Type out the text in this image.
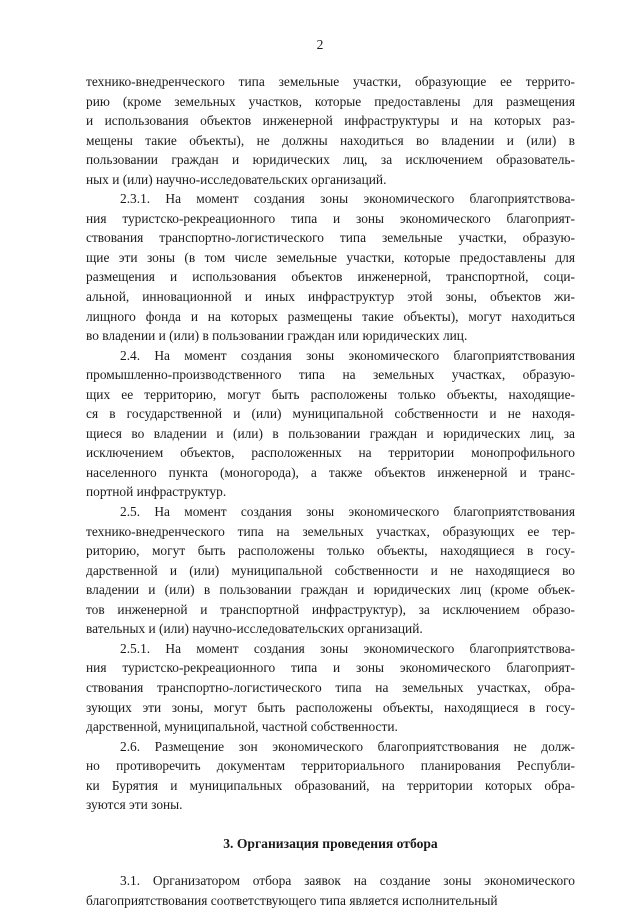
2
технико-внедренческого типа земельные участки, образующие ее террито-
рию (кроме земельных участков, которые предоставлены для размещения
и использования объектов инженерной инфраструктуры и на которых раз-
мещены такие объекты), не должны находиться во владении и (или) в
пользовании граждан и юридических лиц, за исключением образователь-
ных и (или) научно-исследовательских организаций.
2.3.1. На момент создания зоны экономического благоприятствова-
ния туристско-рекреационного типа и зоны экономического благоприят-
ствования транспортно-логистического типа земельные участки, образую-
щие эти зоны (в том числе земельные участки, которые предоставлены для
размещения и использования объектов инженерной, транспортной, соци-
альной, инновационной и иных инфраструктур этой зоны, объектов жи-
лищного фонда и на которых размещены такие объекты), могут находиться
во владении и (или) в пользовании граждан или юридических лиц.
2.4. На момент создания зоны экономического благоприятствования
промышленно-производственного типа на земельных участках, образую-
щих ее территорию, могут быть расположены только объекты, находящие-
ся в государственной и (или) муниципальной собственности и не находя-
щиеся во владении и (или) в пользовании граждан и юридических лиц, за
исключением объектов, расположенных на территории монопрофильного
населенного пункта (моногорода), а также объектов инженерной и транс-
портной инфраструктур.
2.5. На момент создания зоны экономического благоприятствования
технико-внедренческого типа на земельных участках, образующих ее тер-
риторию, могут быть расположены только объекты, находящиеся в госу-
дарственной и (или) муниципальной собственности и не находящиеся во
владении и (или) в пользовании граждан и юридических лиц (кроме объек-
тов инженерной и транспортной инфраструктур), за исключением образо-
вательных и (или) научно-исследовательских организаций.
2.5.1. На момент создания зоны экономического благоприятствова-
ния туристско-рекреационного типа и зоны экономического благоприят-
ствования транспортно-логистического типа на земельных участках, обра-
зующих эти зоны, могут быть расположены объекты, находящиеся в госу-
дарственной, муниципальной, частной собственности.
2.6. Размещение зон экономического благоприятствования не долж-
но противоречить документам территориального планирования Республи-
ки Бурятия и муниципальных образований, на территории которых обра-
зуются эти зоны.
3. Организация проведения отбора
3.1. Организатором отбора заявок на создание зоны экономического
благоприятствования соответствующего типа является исполнительный
